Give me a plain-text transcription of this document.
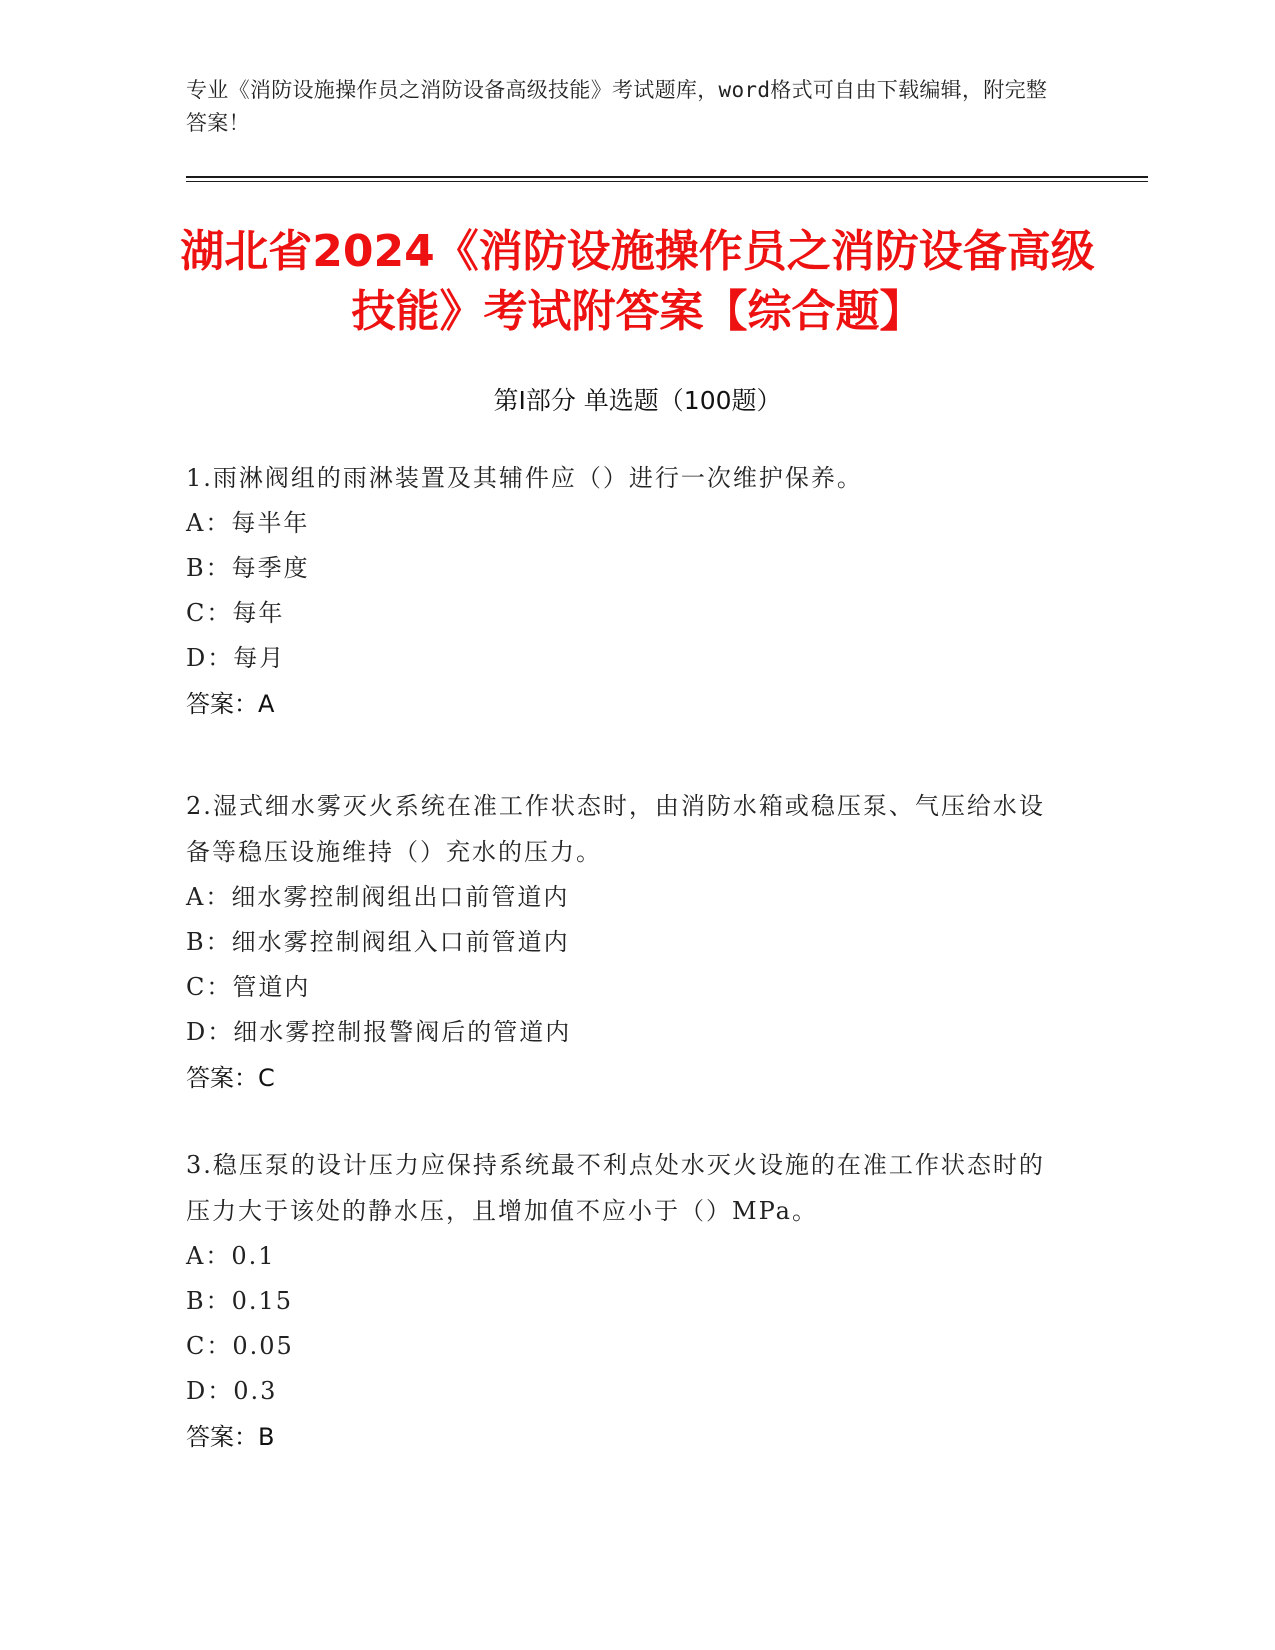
专业《消防设施操作员之消防设备高级技能》考试题库，word格式可自由下载编辑，附完整答案！
湖北省2024《消防设施操作员之消防设备高级技能》考试附答案【综合题】
第Ⅰ部分 单选题（100题）
1.雨淋阀组的雨淋装置及其辅件应（）进行一次维护保养。
A：每半年
B：每季度
C：每年
D：每月
答案：A
2.湿式细水雾灭火系统在准工作状态时，由消防水箱或稳压泵、气压给水设备等稳压设施维持（）充水的压力。
A：细水雾控制阀组出口前管道内
B：细水雾控制阀组入口前管道内
C：管道内
D：细水雾控制报警阀后的管道内
答案：C
3.稳压泵的设计压力应保持系统最不利点处水灭火设施的在准工作状态时的压力大于该处的静水压，且增加值不应小于（）MPa。
A：0.1
B：0.15
C：0.05
D：0.3
答案：B
